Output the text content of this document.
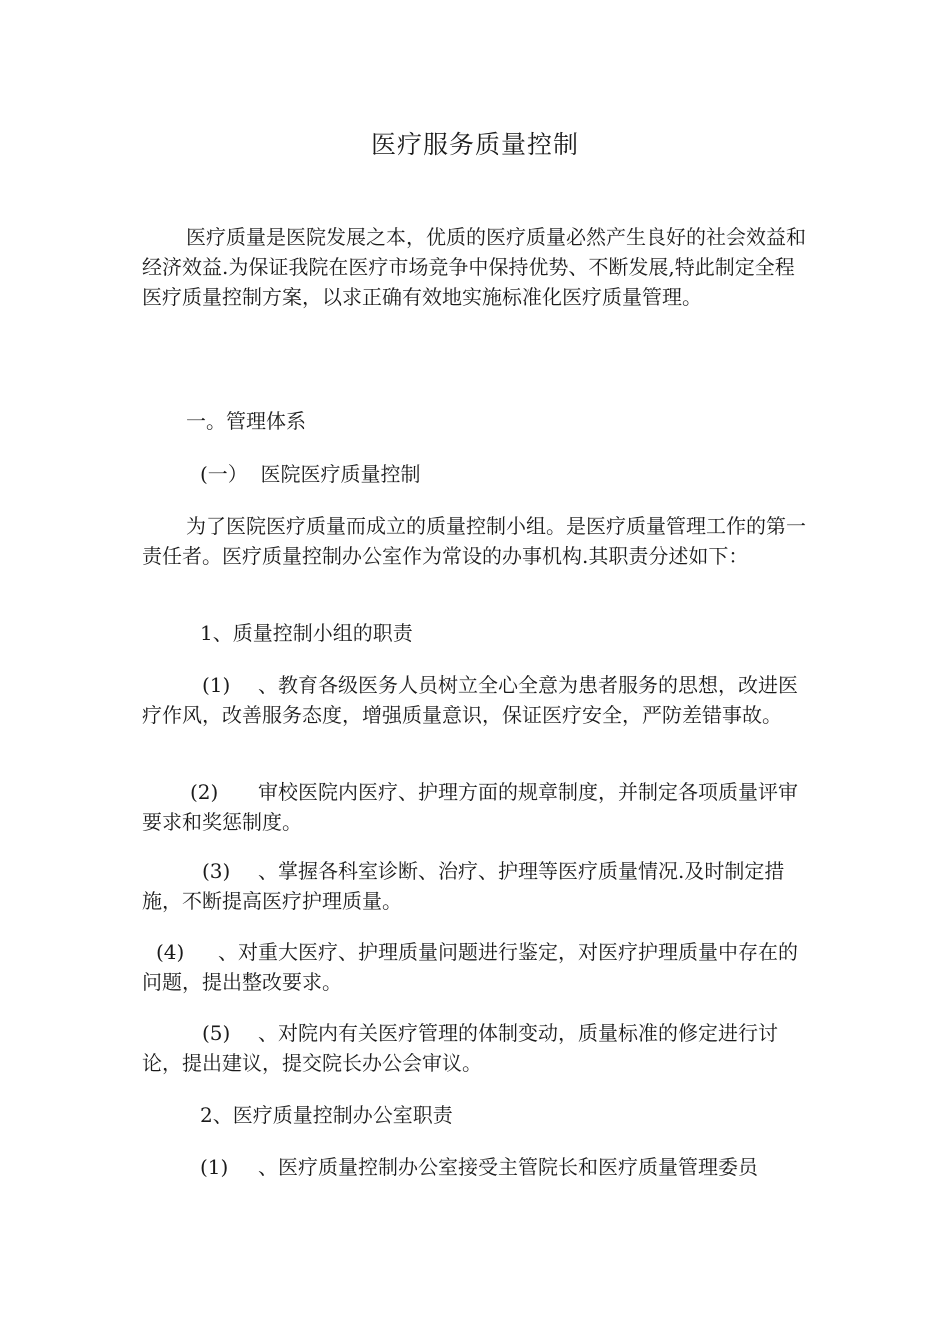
医疗服务质量控制

医疗质量是医院发展之本，优质的医疗质量必然产生良好的社会效益和经济效益.为保证我院在医疗市场竞争中保持优势、不断发展,特此制定全程医疗质量控制方案，以求正确有效地实施标准化医疗质量管理。

一。管理体系

(一）  医院医疗质量控制

为了医院医疗质量而成立的质量控制小组。是医疗质量管理工作的第一责任者。医疗质量控制办公室作为常设的办事机构.其职责分述如下：

1、质量控制小组的职责

(1) 、教育各级医务人员树立全心全意为患者服务的思想，改进医疗作风，改善服务态度，增强质量意识，保证医疗安全，严防差错事故。

(2) 审校医院内医疗、护理方面的规章制度，并制定各项质量评审要求和奖惩制度。

(3) 、掌握各科室诊断、治疗、护理等医疗质量情况.及时制定措施，不断提高医疗护理质量。

(4) 、对重大医疗、护理质量问题进行鉴定，对医疗护理质量中存在的问题，提出整改要求。

(5) 、对院内有关医疗管理的体制变动，质量标准的修定进行讨论，提出建议，提交院长办公会审议。

2、医疗质量控制办公室职责

(1) 、医疗质量控制办公室接受主管院长和医疗质量管理委员
